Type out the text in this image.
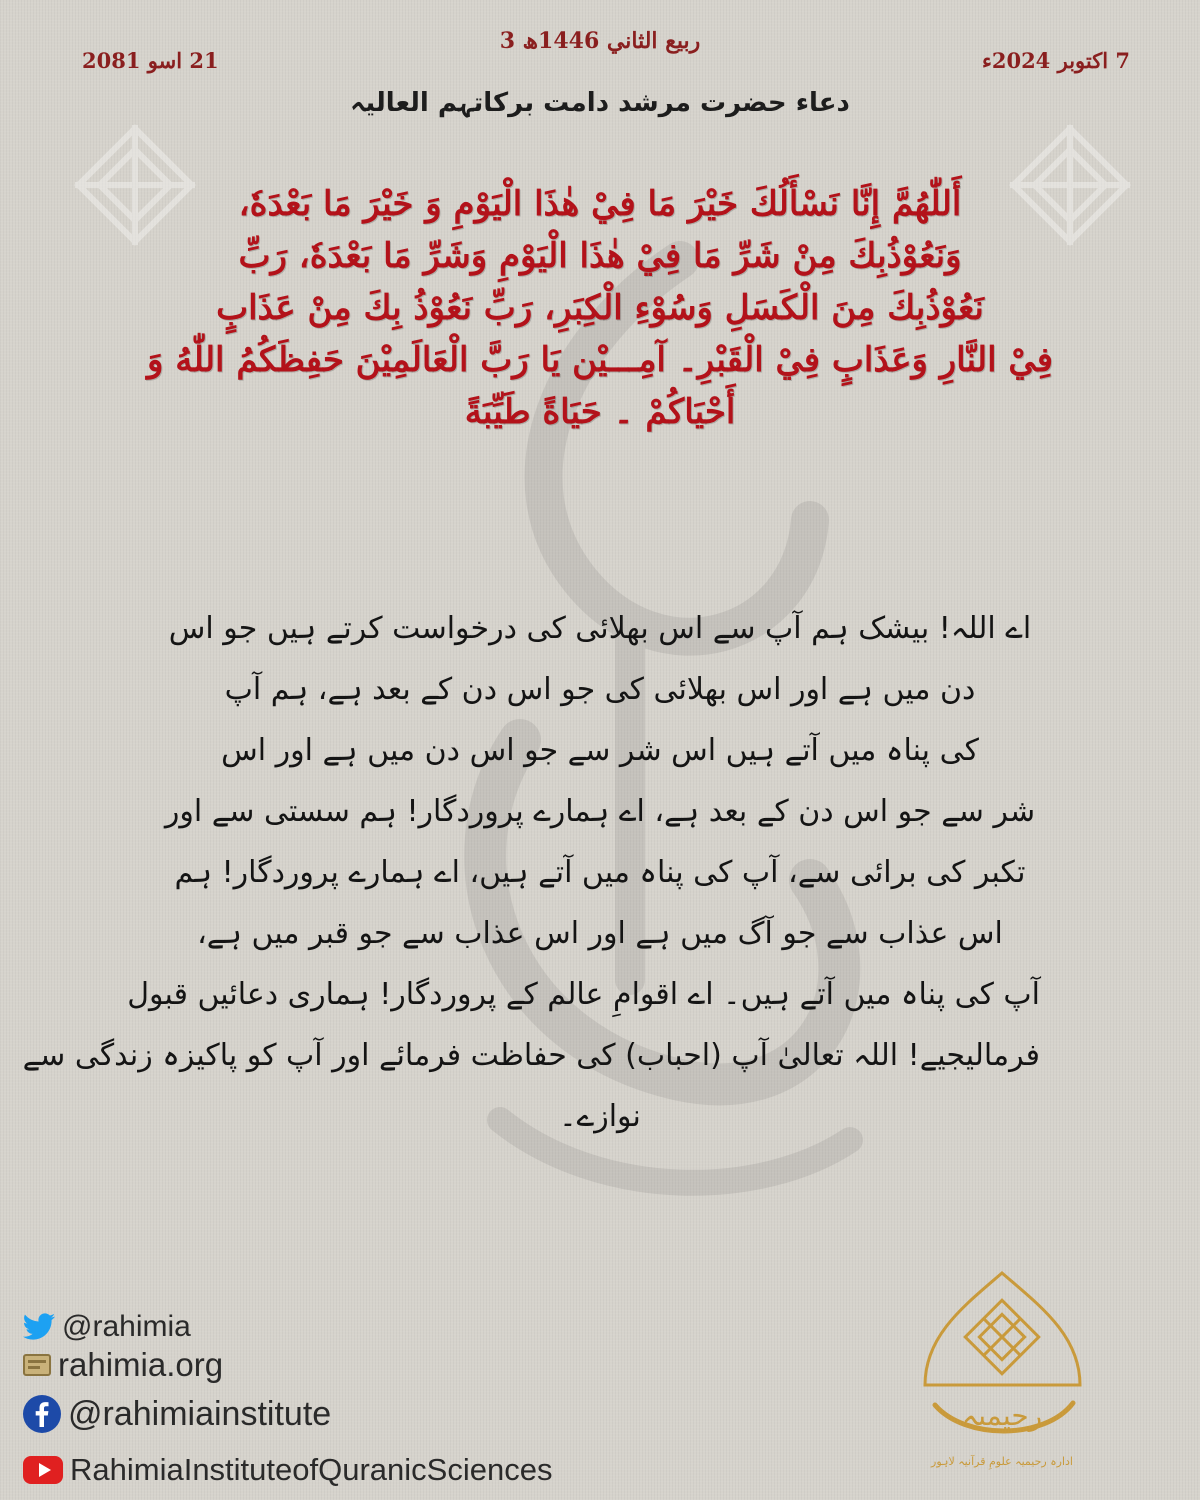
3 ربيع الثاني 1446ھ
7 اکتوبر 2024ء
21 اسو 2081
دعاء حضرت مرشد دامت برکاتہم العالیہ
أَللّٰهُمَّ إِنَّا نَسْأَلُكَ خَيْرَ مَا فِيْ هٰذَا الْيَوْمِ وَ خَيْرَ مَا بَعْدَهٗ،
وَنَعُوْذُبِكَ مِنْ شَرِّ مَا فِيْ هٰذَا الْيَوْمِ وَشَرِّ مَا بَعْدَهٗ، رَبِّ
نَعُوْذُبِكَ مِنَ الْكَسَلِ وَسُوْءِ الْكِبَرِ، رَبِّ نَعُوْذُ بِكَ مِنْ عَذَابٍ
فِيْ النَّارِ وَعَذَابٍ فِيْ الْقَبْرِ۔ آمِـــيْن يَا رَبَّ الْعَالَمِيْنَ حَفِظَكُمُ اللّٰهُ وَ
أَحْيَاكُمْ ۔ حَيَاةً طَيِّبَةً
اے اللہ! بیشک ہم آپ سے اس بھلائی کی درخواست کرتے ہیں جو اس
دن میں ہے اور اس بھلائی کی جو اس دن کے بعد ہے، ہم آپ
کی پناہ میں آتے ہیں اس شر سے جو اس دن میں ہے اور اس
شر سے جو اس دن کے بعد ہے، اے ہمارے پروردگار! ہم سستی سے اور
تکبر کی برائی سے، آپ کی پناہ میں آتے ہیں، اے ہمارے پروردگار! ہم
اس عذاب سے جو آگ میں ہے اور اس عذاب سے جو قبر میں ہے،
آپ کی پناہ میں آتے ہیں۔ اے اقوامِ عالم کے پروردگار! ہماری دعائیں قبول
فرمالیجیے! اللہ تعالیٰ آپ (احباب) کی حفاظت فرمائے اور آپ کو پاکیزہ زندگی سے
نوازے۔
@rahimia
rahimia.org
@rahimiainstitute
RahimiaInstituteofQuranicSciences
رحیمیہ
ادارہ رحیمیہ علومِ قرآنیہ لاہور
